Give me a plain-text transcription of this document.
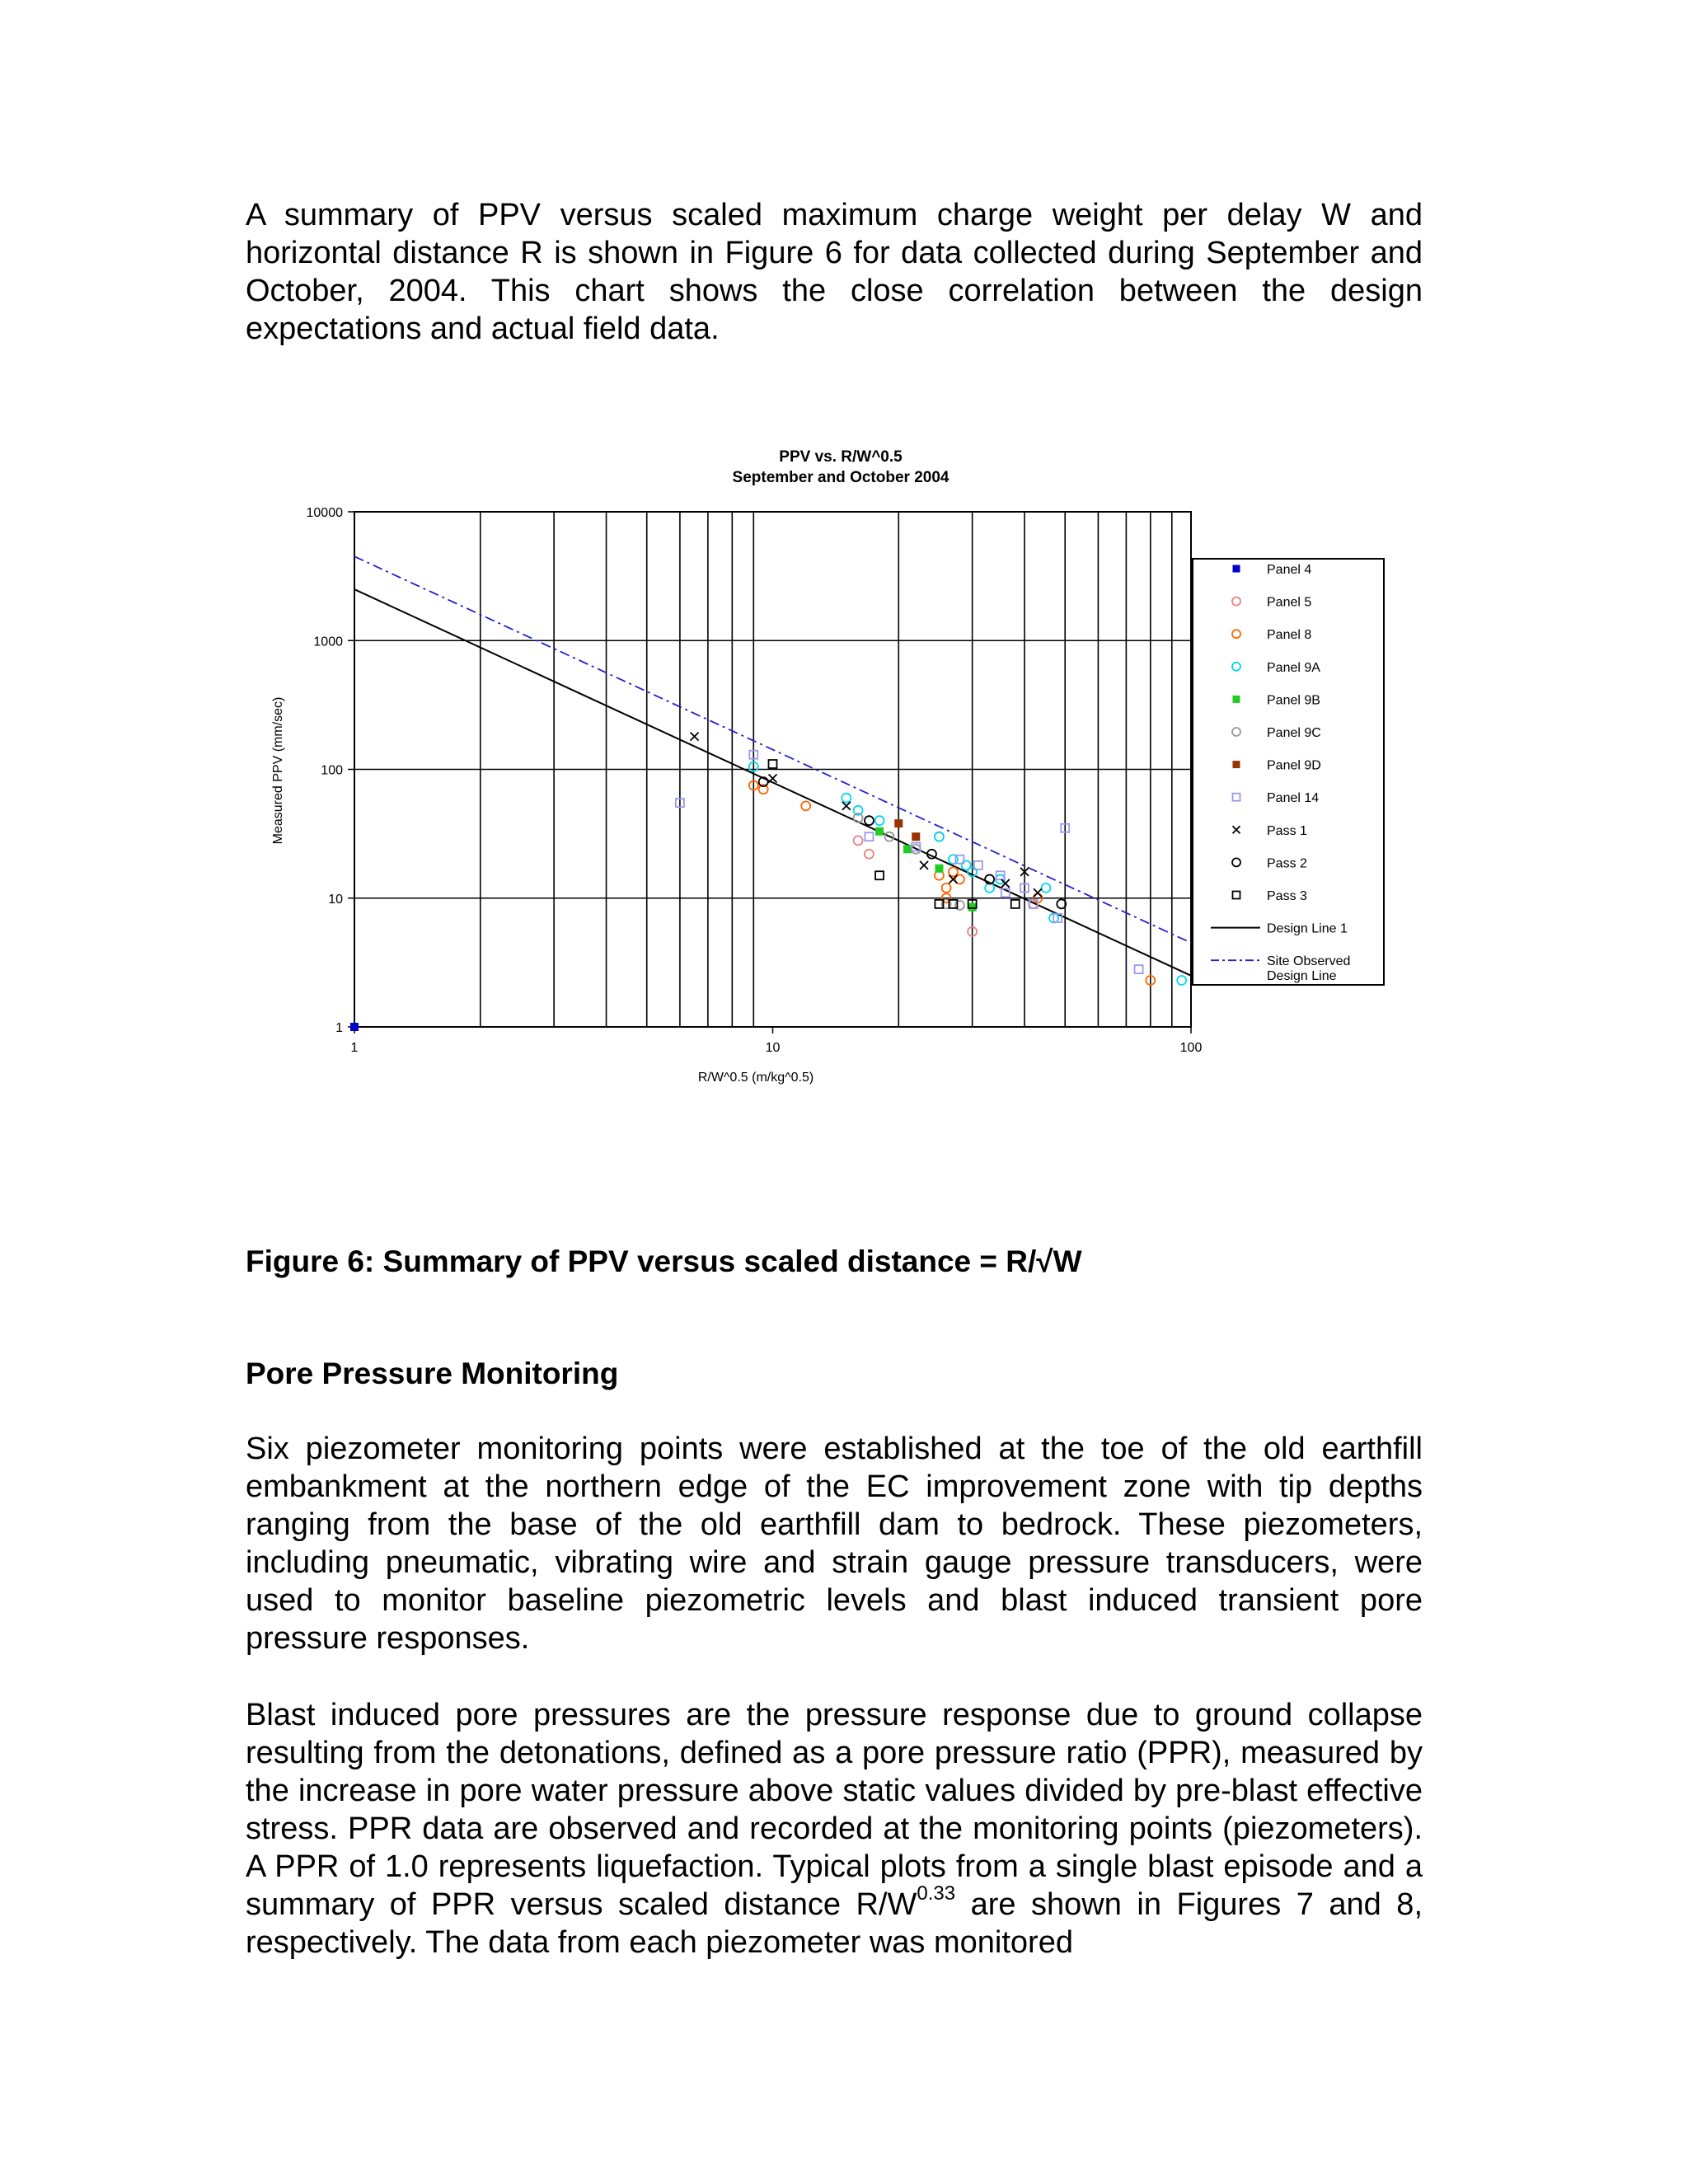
A summary of PPV versus scaled maximum charge weight per delay W and horizontal distance R is shown in Figure 6 for data collected during September and October, 2004. This chart shows the close correlation between the design expectations and actual field data.

PPV vs. R/W^0.5
September and October 2004
1
10
100
1000
10000
1	10	100
Measured PPV (mm/sec)
R/W^0.5 (m/kg^0.5)
Panel 4
Panel 5
Panel 8
Panel 9A
Panel 9B
Panel 9C
Panel 9D
Panel 14
Pass 1
Pass 2
Pass 3
Design Line 1
Site Observed Design Line

Figure 6: Summary of PPV versus scaled distance = R/√W

Pore Pressure Monitoring

Six piezometer monitoring points were established at the toe of the old earthfill embankment at the northern edge of the EC improvement zone with tip depths ranging from the base of the old earthfill dam to bedrock. These piezometers, including pneumatic, vibrating wire and strain gauge pressure transducers, were used to monitor baseline piezometric levels and blast induced transient pore pressure responses.

Blast induced pore pressures are the pressure response due to ground collapse resulting from the detonations, defined as a pore pressure ratio (PPR), measured by the increase in pore water pressure above static values divided by pre-blast effective stress. PPR data are observed and recorded at the monitoring points (piezometers). A PPR of 1.0 represents liquefaction. Typical plots from a single blast episode and a summary of PPR versus scaled distance $R/W^{0.33}$ are shown in Figures 7 and 8, respectively. The data from each piezometer was monitored
